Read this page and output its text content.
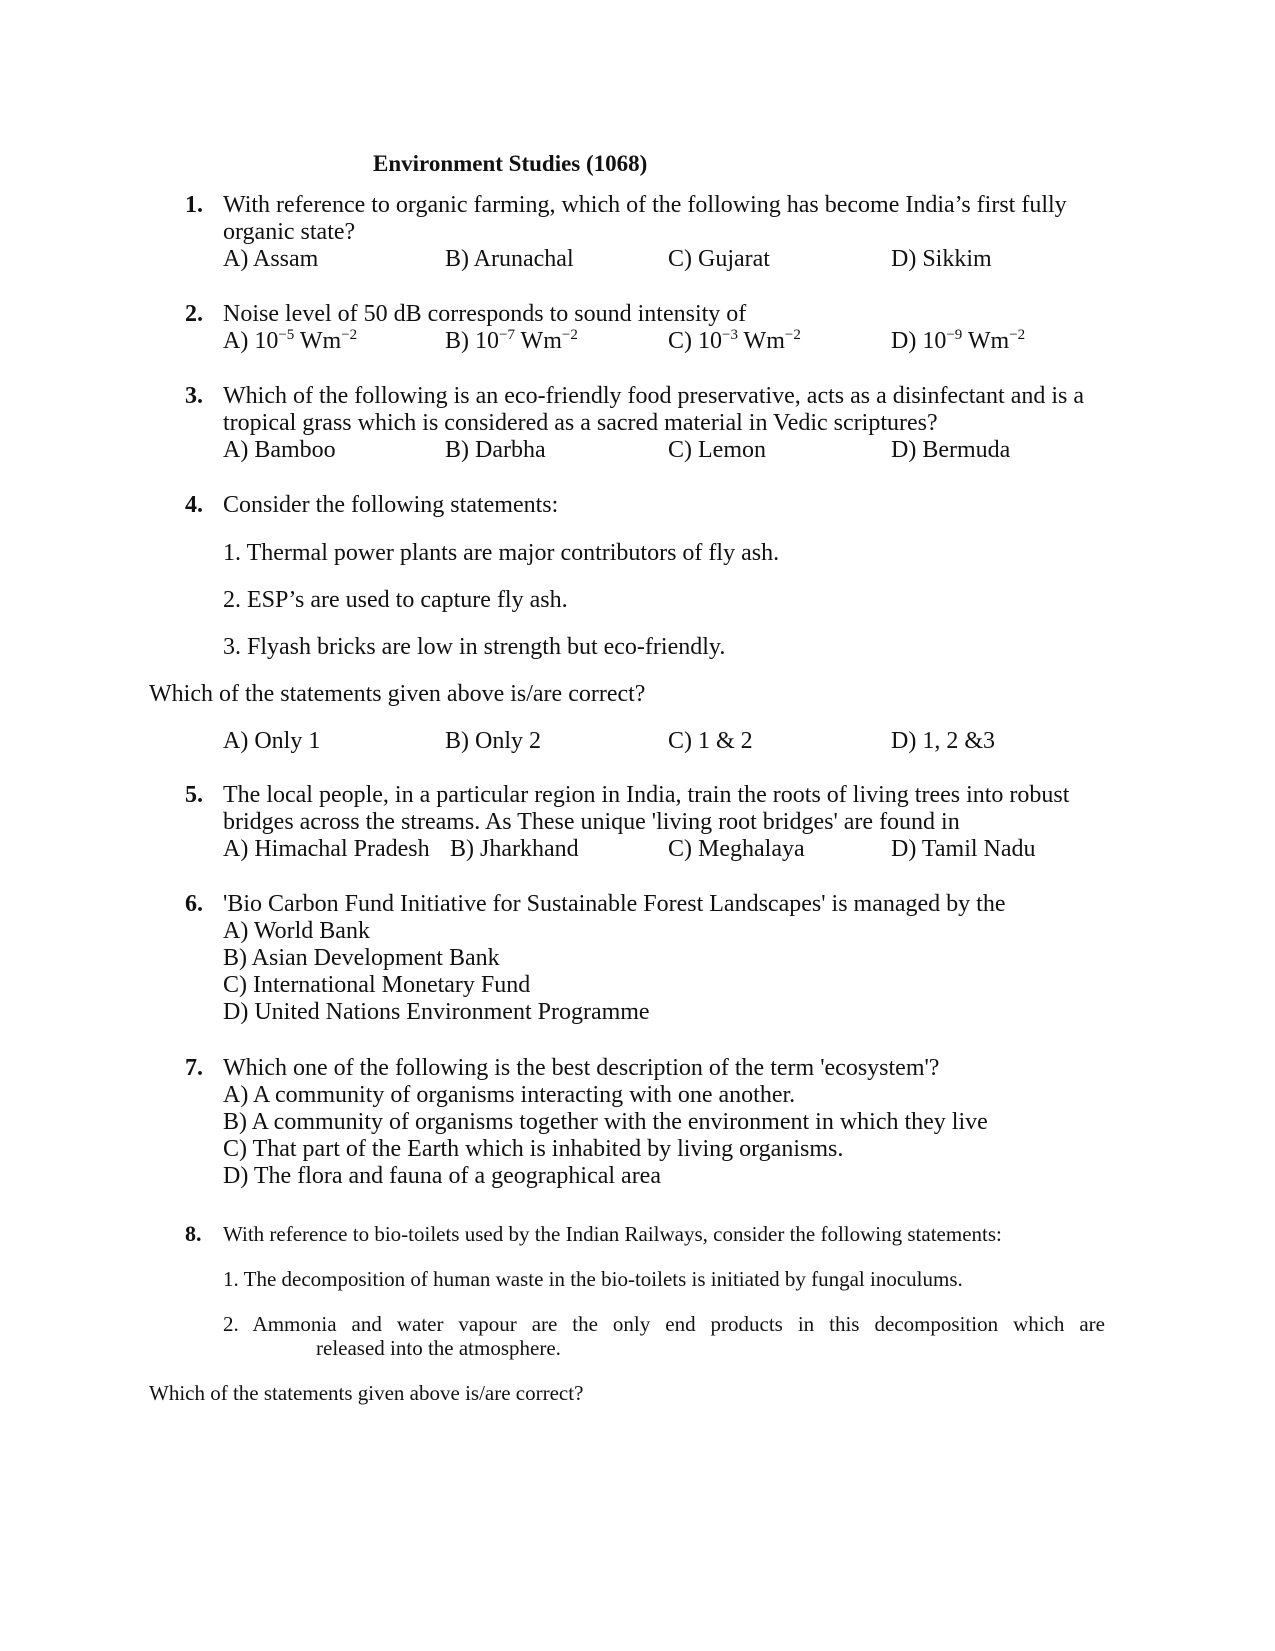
Environment Studies (1068)
1. With reference to organic farming, which of the following has become India’s first fully organic state?
A) Assam	B) Arunachal	C) Gujarat	D) Sikkim
2. Noise level of 50 dB corresponds to sound intensity of
A) $10^{-5}$ $Wm^{-2}$	B) $10^{-7}$ $Wm^{-2}$	C) $10^{-3}$ $Wm^{-2}$	D) $10^{-9}$ $Wm^{-2}$
3. Which of the following is an eco-friendly food preservative, acts as a disinfectant and is a tropical grass which is considered as a sacred material in Vedic scriptures?
A) Bamboo	B) Darbha	C) Lemon	D) Bermuda
4. Consider the following statements:
1. Thermal power plants are major contributors of fly ash.
2. ESP’s are used to capture fly ash.
3. Flyash bricks are low in strength but eco-friendly.
Which of the statements given above is/are correct?
A) Only 1	B) Only 2	C) 1 & 2	D) 1, 2 &3
5. The local people, in a particular region in India, train the roots of living trees into robust bridges across the streams. As These unique 'living root bridges' are found in
A) Himachal Pradesh B) Jharkhand	C) Meghalaya	D) Tamil Nadu
6. 'Bio Carbon Fund Initiative for Sustainable Forest Landscapes' is managed by the
A) World Bank
B) Asian Development Bank
C) International Monetary Fund
D) United Nations Environment Programme
7. Which one of the following is the best description of the term 'ecosystem'?
A) A community of organisms interacting with one another.
B) A community of organisms together with the environment in which they live
C) That part of the Earth which is inhabited by living organisms.
D) The flora and fauna of a geographical area
8. With reference to bio-toilets used by the Indian Railways, consider the following statements:
1. The decomposition of human waste in the bio-toilets is initiated by fungal inoculums.
2. Ammonia and water vapour are the only end products in this decomposition which are
released into the atmosphere.
Which of the statements given above is/are correct?
